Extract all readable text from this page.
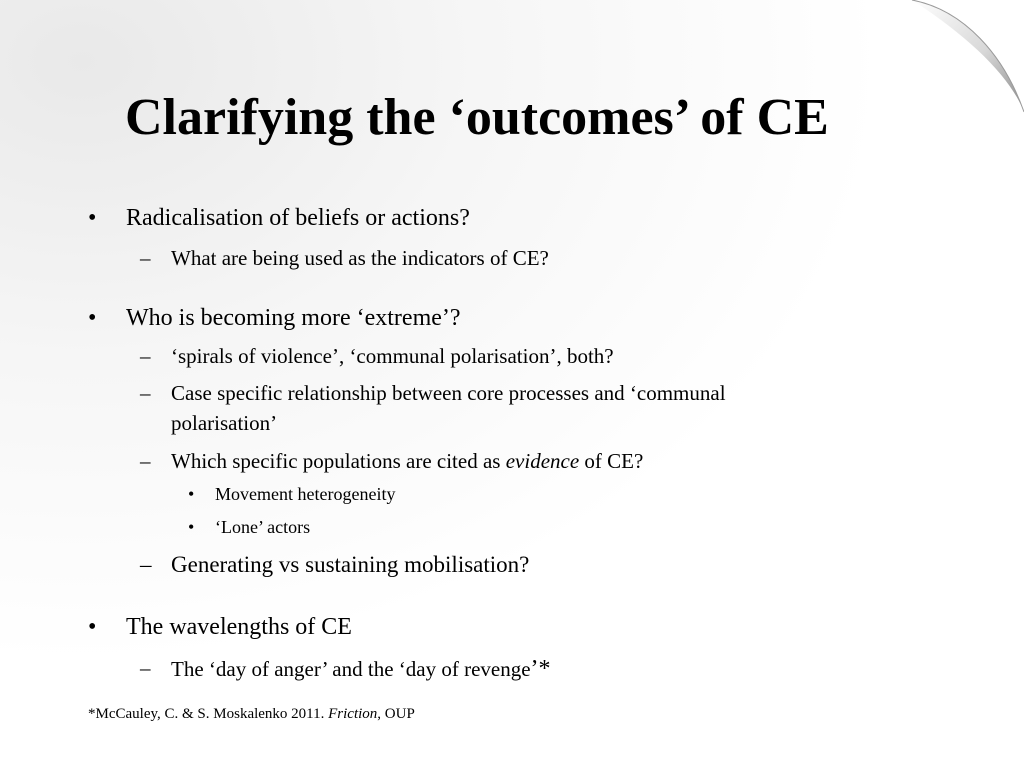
Clarifying the ‘outcomes’ of CE
• Radicalisation of beliefs or actions?
– What are being used as the indicators of CE?
• Who is becoming more ‘extreme’?
– ‘spirals of violence’, ‘communal polarisation’, both?
– Case specific relationship between core processes and ‘communal
polarisation’
– Which specific populations are cited as evidence of CE?
• Movement heterogeneity
• ‘Lone’ actors
– Generating vs sustaining mobilisation?
• The wavelengths of CE
– The ‘day of anger’ and the ‘day of revenge’*
*McCauley, C. & S. Moskalenko 2011. Friction, OUP
